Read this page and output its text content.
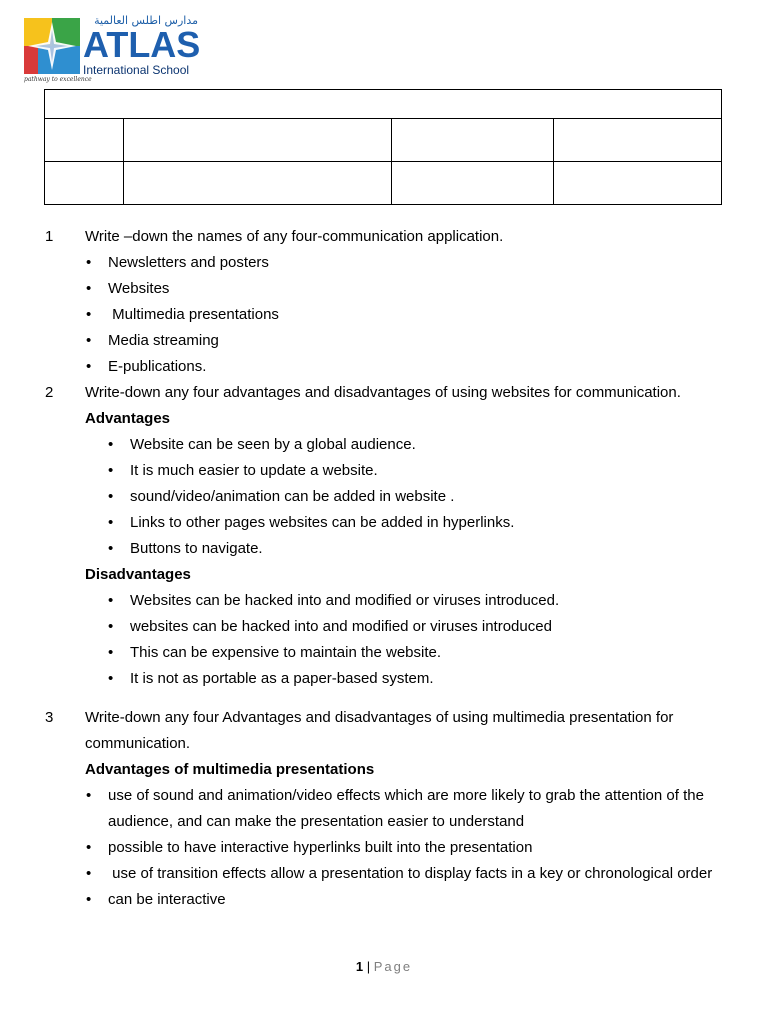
مدارس اطلس العالمية
ATLAS
International School
pathway to excellence

1 Write –down the names of any four-communication application.
• Newsletters and posters
• Websites
• Multimedia presentations
• Media streaming
• E-publications.
2 Write-down any four advantages and disadvantages of using websites for communication.
Advantages
• Website can be seen by a global audience.
• It is much easier to update a website.
• sound/video/animation can be added in website .
• Links to other pages websites can be added in hyperlinks.
• Buttons to navigate.
Disadvantages
• Websites can be hacked into and modified or viruses introduced.
• websites can be hacked into and modified or viruses introduced
• This can be expensive to maintain the website.
• It is not as portable as a paper-based system.
3 Write-down any four Advantages and disadvantages of using multimedia presentation for communication.
Advantages of multimedia presentations
• use of sound and animation/video effects which are more likely to grab the attention of the audience, and can make the presentation easier to understand
• possible to have interactive hyperlinks built into the presentation
• use of transition effects allow a presentation to display facts in a key or chronological order
• can be interactive
1 | Page
